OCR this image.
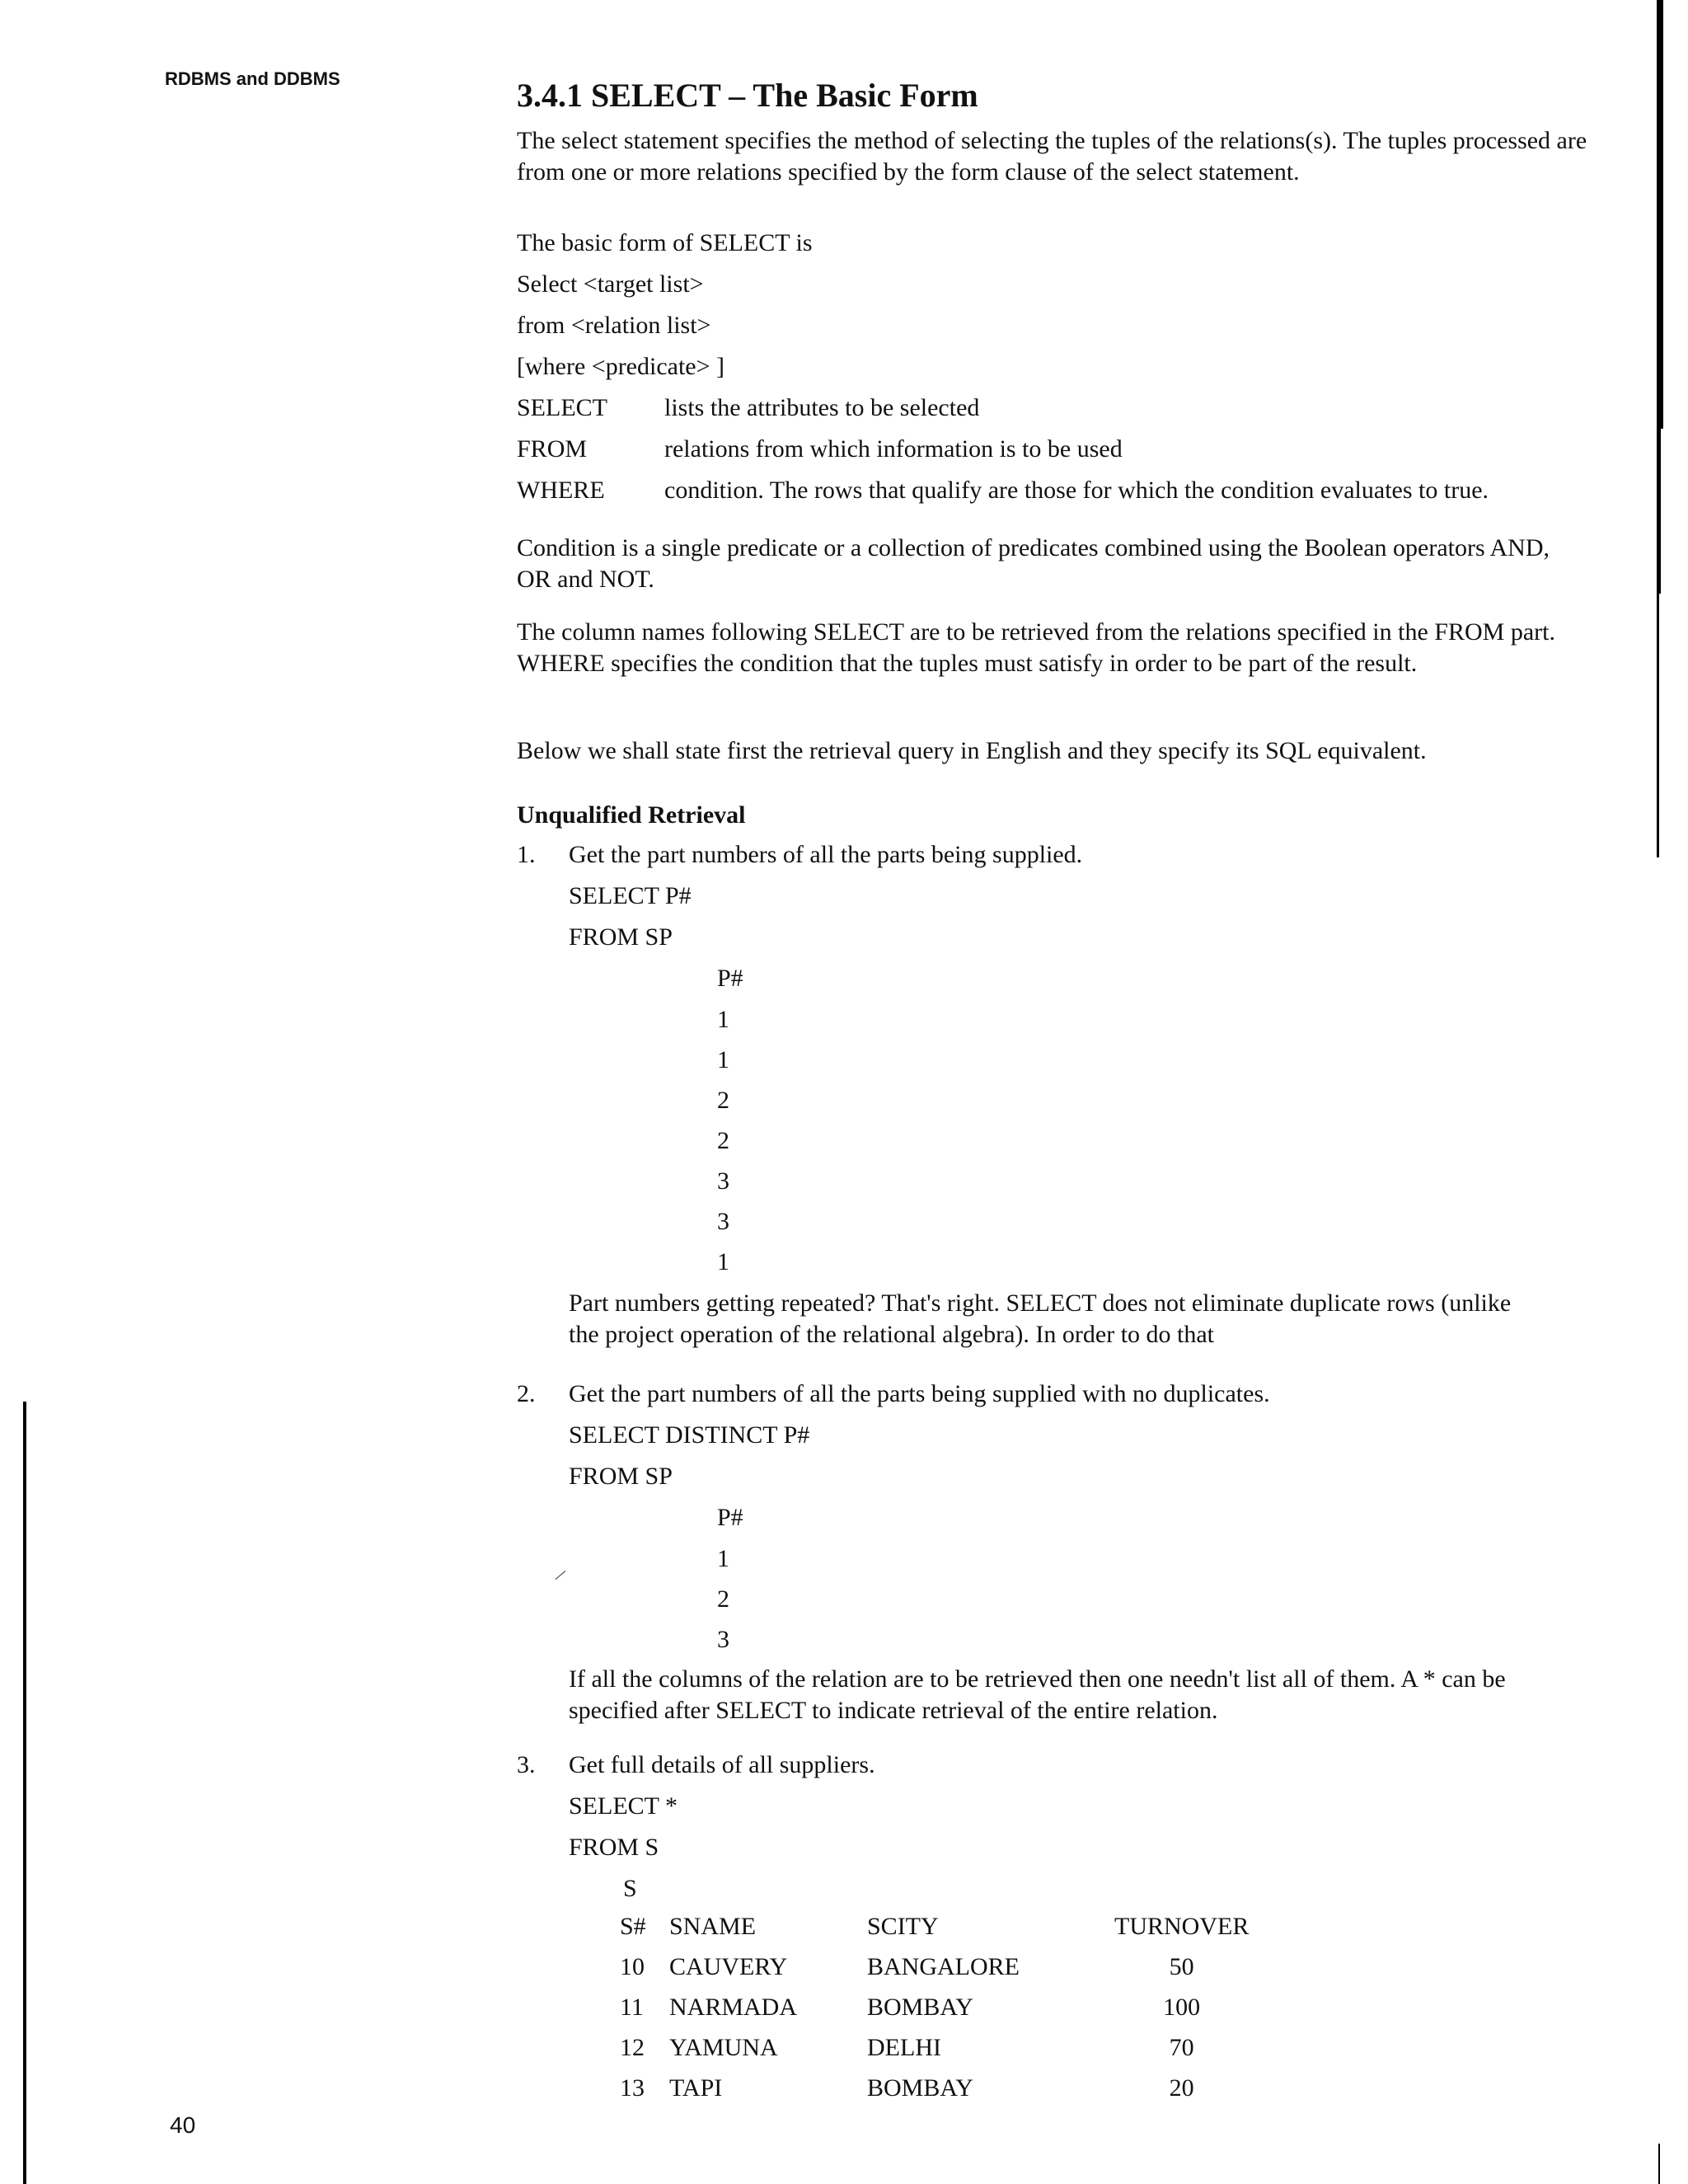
RDBMS and DDBMS	3.4.1 SELECT – The Basic Form
The select statement specifies the method of selecting the tuples of the relations(s). The tuples processed are from one or more relations specified by the form clause of the select statement.
The basic form of SELECT is
Select <target list>
from <relation list>
[where <predicate> ]
SELECT lists the attributes to be selected
FROM	relations from which information is to be used
WHERE condition. The rows that qualify are those for which the condition evaluates to true.
Condition is a single predicate or a collection of predicates combined using the Boolean operators AND, OR and NOT.
The column names following SELECT are to be retrieved from the relations specified in the FROM part. WHERE specifies the condition that the tuples must satisfy in order to be part of the result.
Below we shall state first the retrieval query in English and they specify its SQL equivalent.
Unqualified Retrieval
1. Get the part numbers of all the parts being supplied.
SELECT P#
FROM SP
P#
1
1
2
2
3
3
1
Part numbers getting repeated? That's right. SELECT does not eliminate duplicate rows (unlike the project operation of the relational algebra). In order to do that
2. Get the part numbers of all the parts being supplied with no duplicates.
SELECT DISTINCT P#
FROM SP
P#
1
2
3
If all the columns of the relation are to be retrieved then one needn't list all of them. A * can be specified after SELECT to indicate retrieval of the entire relation.
3. Get full details of all suppliers.
SELECT *
FROM S
S
S#	SNAME	SCITY	TURNOVER
10	CAUVERY	BANGALORE	50
11	NARMADA	BOMBAY	100
12	YAMUNA	DELHI	70
13	TAPI	BOMBAY	20
40
